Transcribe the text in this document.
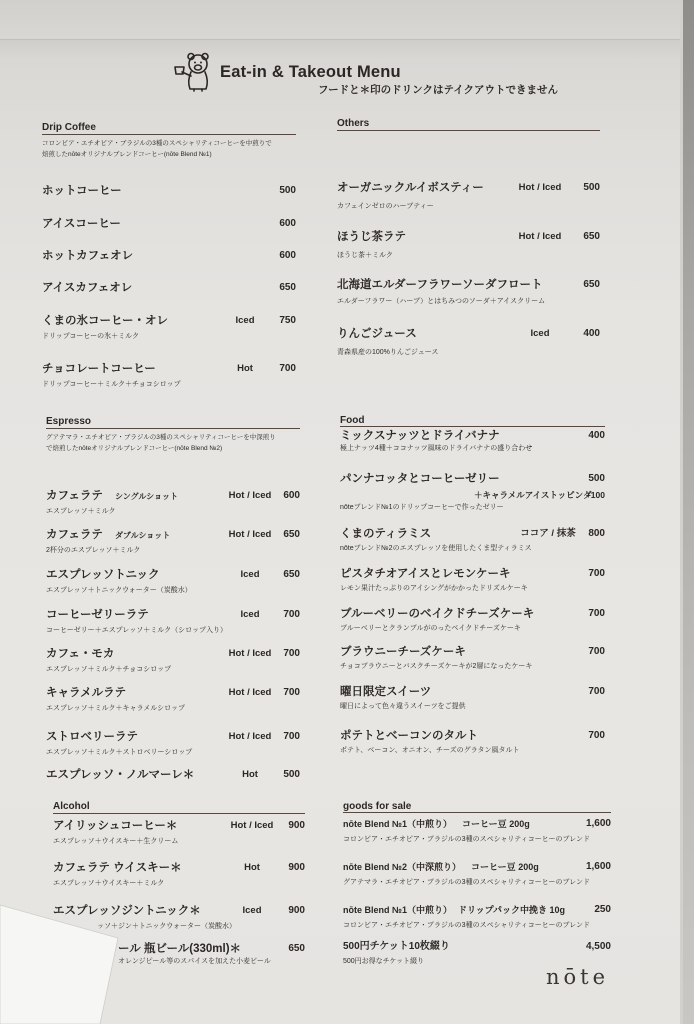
Eat-in & Takeout Menu
フードと＊印のドリンクはテイクアウトできません
Drip Coffee
コロンビア・エチオピア・ブラジルの3種のスペシャリティコーヒーを中煎りで
焙煎したnōteオリジナルブレンドコーヒー(nōte Blend №1)
ホットコーヒー	500
アイスコーヒー	600
ホットカフェオレ	600
アイスカフェオレ	650
くまの氷コーヒー・オレ	Iced	750
ドリップコーヒーの氷＋ミルク
チョコレートコーヒー	Hot	700
ドリップコーヒー＋ミルク＋チョコシロップ
Espresso
グアテマラ・エチオピア・ブラジルの3種のスペシャリティコーヒーを中深煎り
で焙煎したnōteオリジナルブレンドコーヒー(nōte Blend №2)
カフェラテ シングルショット	Hot / Iced	600
エスプレッソ＋ミルク
カフェラテ ダブルショット	Hot / Iced	650
2杯分のエスプレッソ＋ミルク
エスプレッソトニック	Iced	650
エスプレッソ＋トニックウォーター（炭酸水）
コーヒーゼリーラテ	Iced	700
コーヒーゼリー＋エスプレッソ＋ミルク（シロップ入り）
カフェ・モカ	Hot / Iced	700
エスプレッソ＋ミルク＋チョコシロップ
キャラメルラテ	Hot / Iced	700
エスプレッソ＋ミルク＋キャラメルシロップ
ストロベリーラテ	Hot / Iced	700
エスプレッソ＋ミルク＋ストロベリーシロップ
エスプレッソ・ノルマーレ＊	Hot	500
Alcohol
アイリッシュコーヒー＊	Hot / Iced	900
エスプレッソ＋ウイスキー＋生クリーム
カフェラテ ウイスキー＊	Hot	900
エスプレッソ＋ウイスキー＋ミルク
エスプレッソジントニック＊	Iced	900
ッソ＋ジン＋トニックウォーター（炭酸水）
ール 瓶ビール(330ml)＊	650
オレンジピール等のスパイスを加えた小麦ビール
Others
オーガニックルイボスティー	Hot / Iced	500
カフェインゼロのハーブティー
ほうじ茶ラテ	Hot / Iced	650
ほうじ茶＋ミルク
北海道エルダーフラワーソーダフロート	650
エルダーフラワー（ハーブ）とはちみつのソーダ＋アイスクリーム
りんごジュース	Iced	400
青森県産の100%りんごジュース
Food
ミックスナッツとドライバナナ	400
極上ナッツ4種＋ココナッツ風味のドライバナナの盛り合わせ
パンナコッタとコーヒーゼリー	500
＋キャラメルアイストッピング
+100
nōteブレンド№1のドリップコーヒーで作ったゼリー
くまのティラミス	ココア / 抹茶 800
nōteブレンド№2のエスプレッソを使用したくま型ティラミス
ピスタチオアイスとレモンケーキ	700
レモン果汁たっぷりのアイシングがかかったドリズルケーキ
ブルーベリーのベイクドチーズケーキ	700
ブルーベリーとクランブルがのったベイクドチーズケーキ
ブラウニーチーズケーキ	700
チョコブラウニーとバスクチーズケーキが2層になったケーキ
曜日限定スイーツ	700
曜日によって色々違うスイーツをご提供
ポテトとベーコンのタルト	700
ポテト、ベーコン、オニオン、チーズのグラタン風タルト
goods for sale
nōte Blend №1（中煎り） コーヒー豆 200g	1,600
コロンビア・エチオピア・ブラジルの3種のスペシャリティコーヒーのブレンド
nōte Blend №2（中深煎り） コーヒー豆 200g	1,600
グアテマラ・エチオピア・ブラジルの3種のスペシャリティコーヒーのブレンド
nōte Blend №1（中煎り） ドリップパック中挽き 10g	250
コロンビア・エチオピア・ブラジルの3種のスペシャリティコーヒーのブレンド
500円チケット10枚綴り	4,500
500円お得なチケット綴り
nōte
